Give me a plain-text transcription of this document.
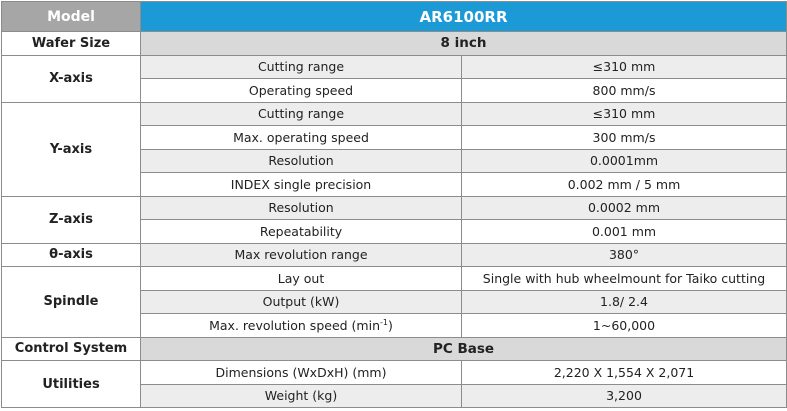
Model	AR6100RR	
Wafer Size	8 inch	
X-axis	Cutting range	≤310 mm
	Operating speed	800 mm/s
Y-axis	Cutting range	≤310 mm
	Max. operating speed	300 mm/s
	Resolution	0.0001mm
	INDEX single precision	0.002 mm / 5 mm
Z-axis	Resolution	0.0002 mm
	Repeatability	0.001 mm
θ-axis	Max revolution range	380°
Spindle	Lay out	Single with hub wheelmount for Taiko cutting
	Output (kW)	1.8/ 2.4
	Max. revolution speed $(\min^{-1})$	1~60,000
Control System	PC Base	
Utilities	Dimensions (WxDxH) (mm)	2,220 X 1,554 X 2,071
	Weight (kg)	3,200
